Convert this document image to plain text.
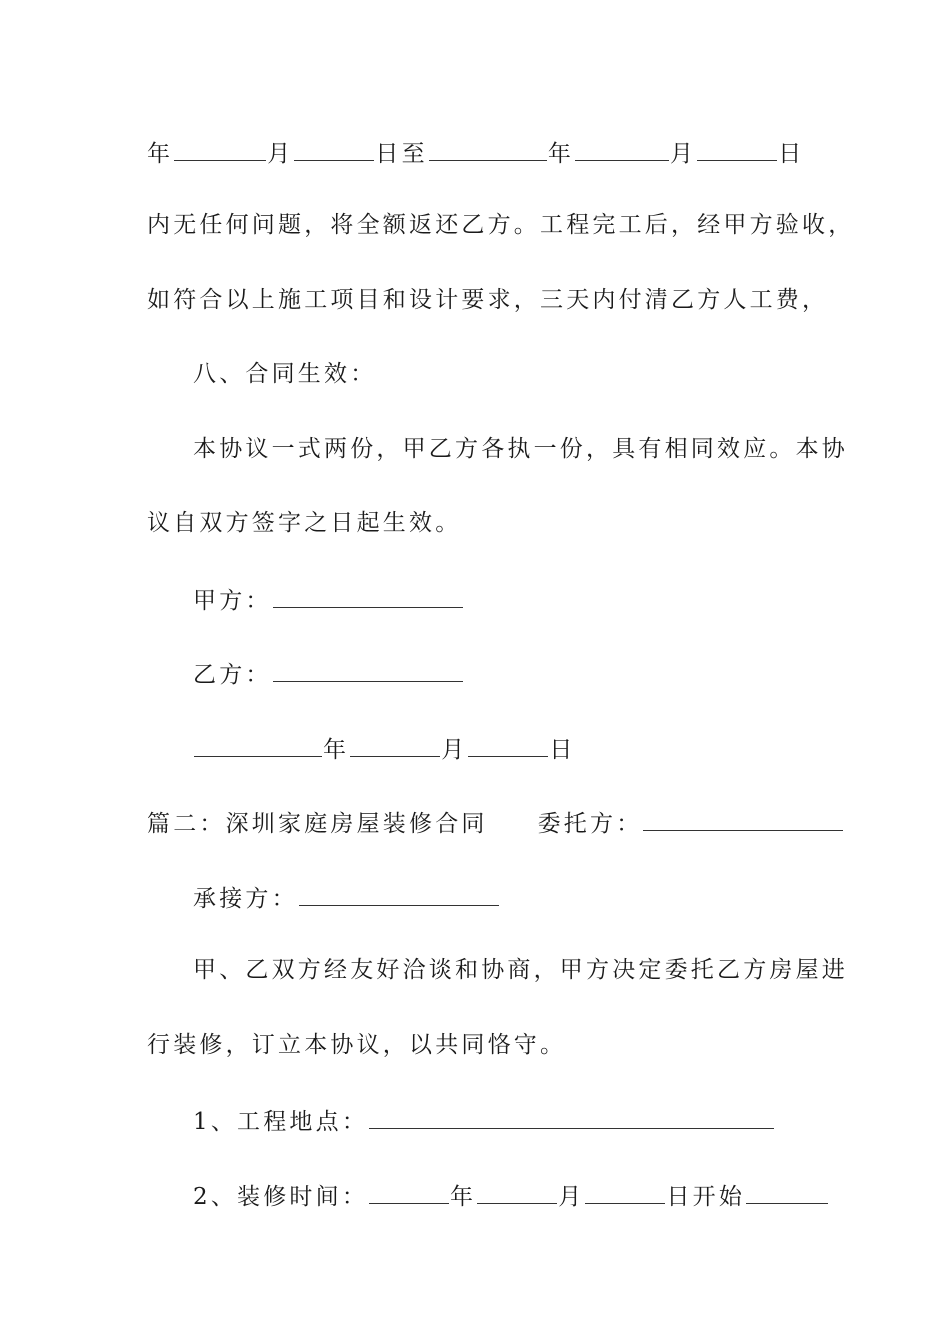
年	月	日至	年	月	日
内无任何问题，将全额返还乙方。工程完工后，经甲方验收，
如符合以上施工项目和设计要求，三天内付清乙方人工费，
八、合同生效：
本协议一式两份，甲乙方各执一份，具有相同效应。本协
议自双方签字之日起生效。
甲方：
乙方：
年	月	日
篇二：深圳家庭房屋装修合同 委托方：
承接方：
甲、乙双方经友好洽谈和协商，甲方决定委托乙方房屋进
行装修，订立本协议，以共同恪守。
1、工程地点：
2、装修时间：	年	月	日开始
